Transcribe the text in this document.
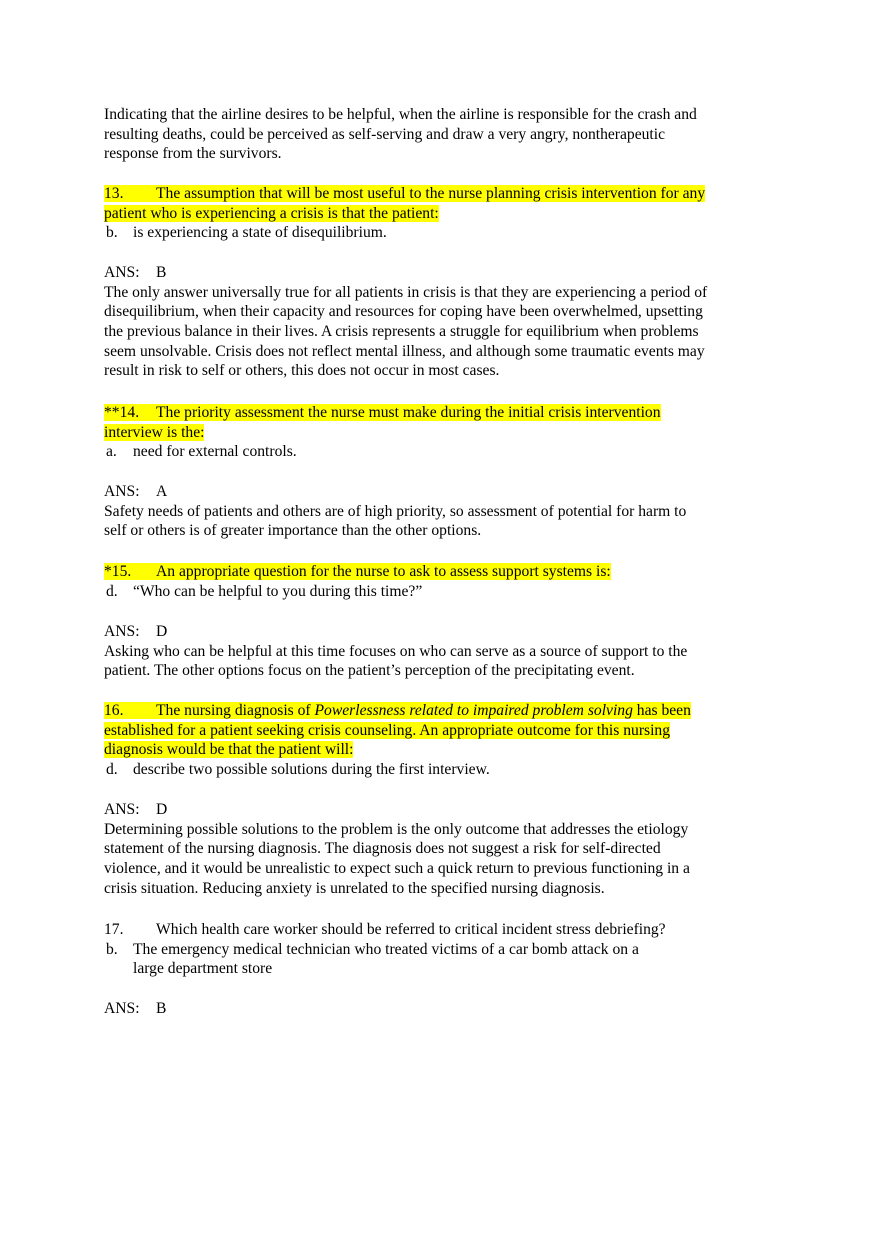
Indicating that the airline desires to be helpful, when the airline is responsible for the crash and
resulting deaths, could be perceived as self-serving and draw a very angry, nontherapeutic
response from the survivors.
13. The assumption that will be most useful to the nurse planning crisis intervention for any
patient who is experiencing a crisis is that the patient:
b. is experiencing a state of disequilibrium.
ANS: B
The only answer universally true for all patients in crisis is that they are experiencing a period of
disequilibrium, when their capacity and resources for coping have been overwhelmed, upsetting
the previous balance in their lives. A crisis represents a struggle for equilibrium when problems
seem unsolvable. Crisis does not reflect mental illness, and although some traumatic events may
result in risk to self or others, this does not occur in most cases.
**14. The priority assessment the nurse must make during the initial crisis intervention
interview is the:
a. need for external controls.
ANS: A
Safety needs of patients and others are of high priority, so assessment of potential for harm to
self or others is of greater importance than the other options.
*15. An appropriate question for the nurse to ask to assess support systems is:
d. “Who can be helpful to you during this time?”
ANS: D
Asking who can be helpful at this time focuses on who can serve as a source of support to the
patient. The other options focus on the patient’s perception of the precipitating event.
16. The nursing diagnosis of Powerlessness related to impaired problem solving has been
established for a patient seeking crisis counseling. An appropriate outcome for this nursing
diagnosis would be that the patient will:
d. describe two possible solutions during the first interview.
ANS: D
Determining possible solutions to the problem is the only outcome that addresses the etiology
statement of the nursing diagnosis. The diagnosis does not suggest a risk for self-directed
violence, and it would be unrealistic to expect such a quick return to previous functioning in a
crisis situation. Reducing anxiety is unrelated to the specified nursing diagnosis.
17. Which health care worker should be referred to critical incident stress debriefing?
b. The emergency medical technician who treated victims of a car bomb attack on a
large department store
ANS: B
